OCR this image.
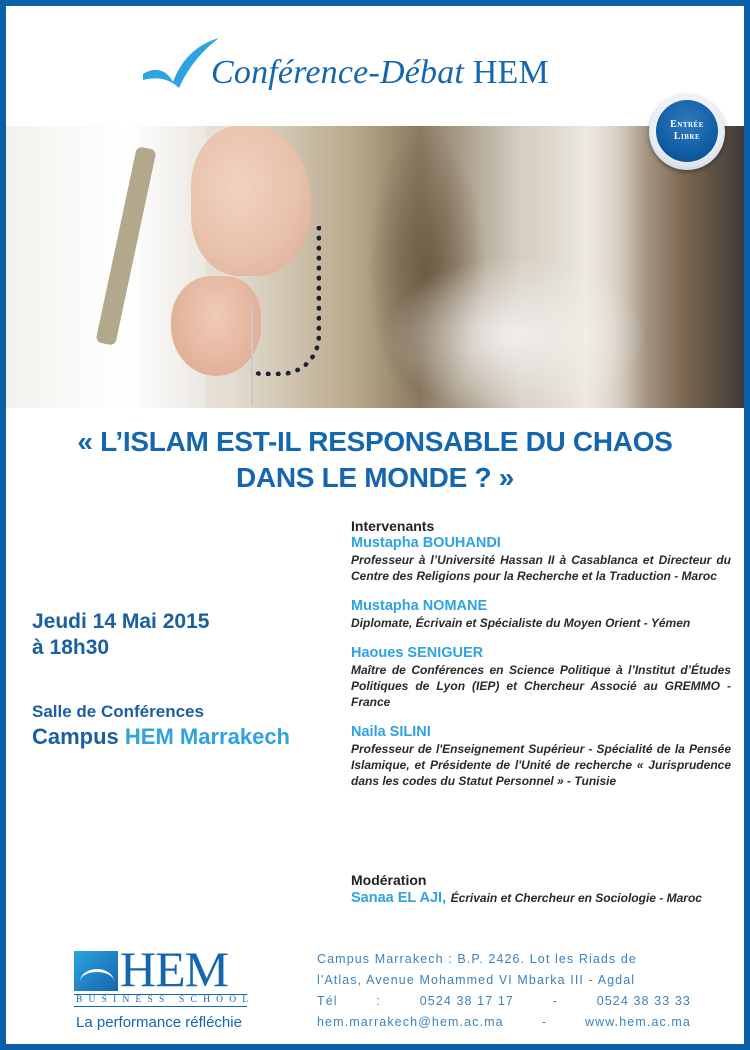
Conférence-Débat HEM
Entrée
Libre
« L’ISLAM EST-IL RESPONSABLE DU CHAOS
DANS LE MONDE ? »
Jeudi 14 Mai 2015
à 18h30
Salle de Conférences
Campus HEM Marrakech
Intervenants
Mustapha BOUHANDI
Professeur à l’Université Hassan II à Casablanca et Directeur du Centre des Religions pour la Recherche et la Traduction - Maroc
Mustapha NOMANE
Diplomate, Écrivain et Spécialiste du Moyen Orient - Yémen
Haoues SENIGUER
Maître de Conférences en Science Politique à l’Institut d’Études Politiques de Lyon (IEP) et Chercheur Associé au GREMMO - France
Naila SILINI
Professeur de l'Enseignement Supérieur - Spécialité de la Pensée Islamique, et Présidente de l'Unité de recherche « Jurisprudence dans les codes du Statut Personnel » - Tunisie
Modération
Sanaa EL AJI, Écrivain et Chercheur en Sociologie - Maroc
HEM
BUSINESS SCHOOL
La performance réfléchie
Campus Marrakech : B.P. 2426. Lot les Riads de
l'Atlas, Avenue Mohammed VI Mbarka III - Agdal
Tél	:	0524 38 17 17	-	0524 38 33 33
hem.marrakech@hem.ac.ma	-	www.hem.ac.ma
